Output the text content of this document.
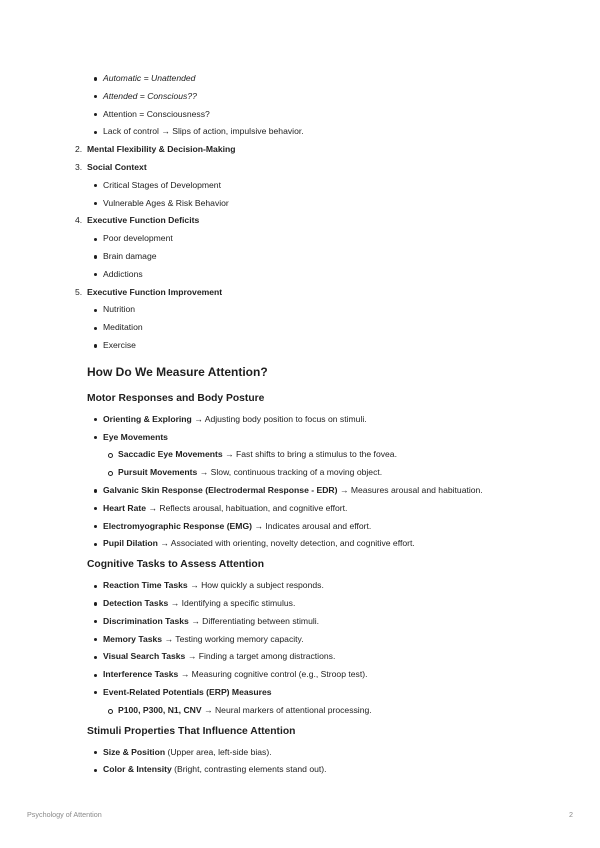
Automatic = Unattended
Attended = Conscious??
Attention = Consciousness?
Lack of control → Slips of action, impulsive behavior.
2. Mental Flexibility & Decision-Making
3. Social Context
Critical Stages of Development
Vulnerable Ages & Risk Behavior
4. Executive Function Deficits
Poor development
Brain damage
Addictions
5. Executive Function Improvement
Nutrition
Meditation
Exercise
How Do We Measure Attention?
Motor Responses and Body Posture
Orienting & Exploring → Adjusting body position to focus on stimuli.
Eye Movements
Saccadic Eye Movements → Fast shifts to bring a stimulus to the fovea.
Pursuit Movements → Slow, continuous tracking of a moving object.
Galvanic Skin Response (Electrodermal Response - EDR) → Measures arousal and habituation.
Heart Rate → Reflects arousal, habituation, and cognitive effort.
Electromyographic Response (EMG) → Indicates arousal and effort.
Pupil Dilation → Associated with orienting, novelty detection, and cognitive effort.
Cognitive Tasks to Assess Attention
Reaction Time Tasks → How quickly a subject responds.
Detection Tasks → Identifying a specific stimulus.
Discrimination Tasks → Differentiating between stimuli.
Memory Tasks → Testing working memory capacity.
Visual Search Tasks → Finding a target among distractions.
Interference Tasks → Measuring cognitive control (e.g., Stroop test).
Event-Related Potentials (ERP) Measures
P100, P300, N1, CNV → Neural markers of attentional processing.
Stimuli Properties That Influence Attention
Size & Position (Upper area, left-side bias).
Color & Intensity (Bright, contrasting elements stand out).
Psychology of Attention	2
